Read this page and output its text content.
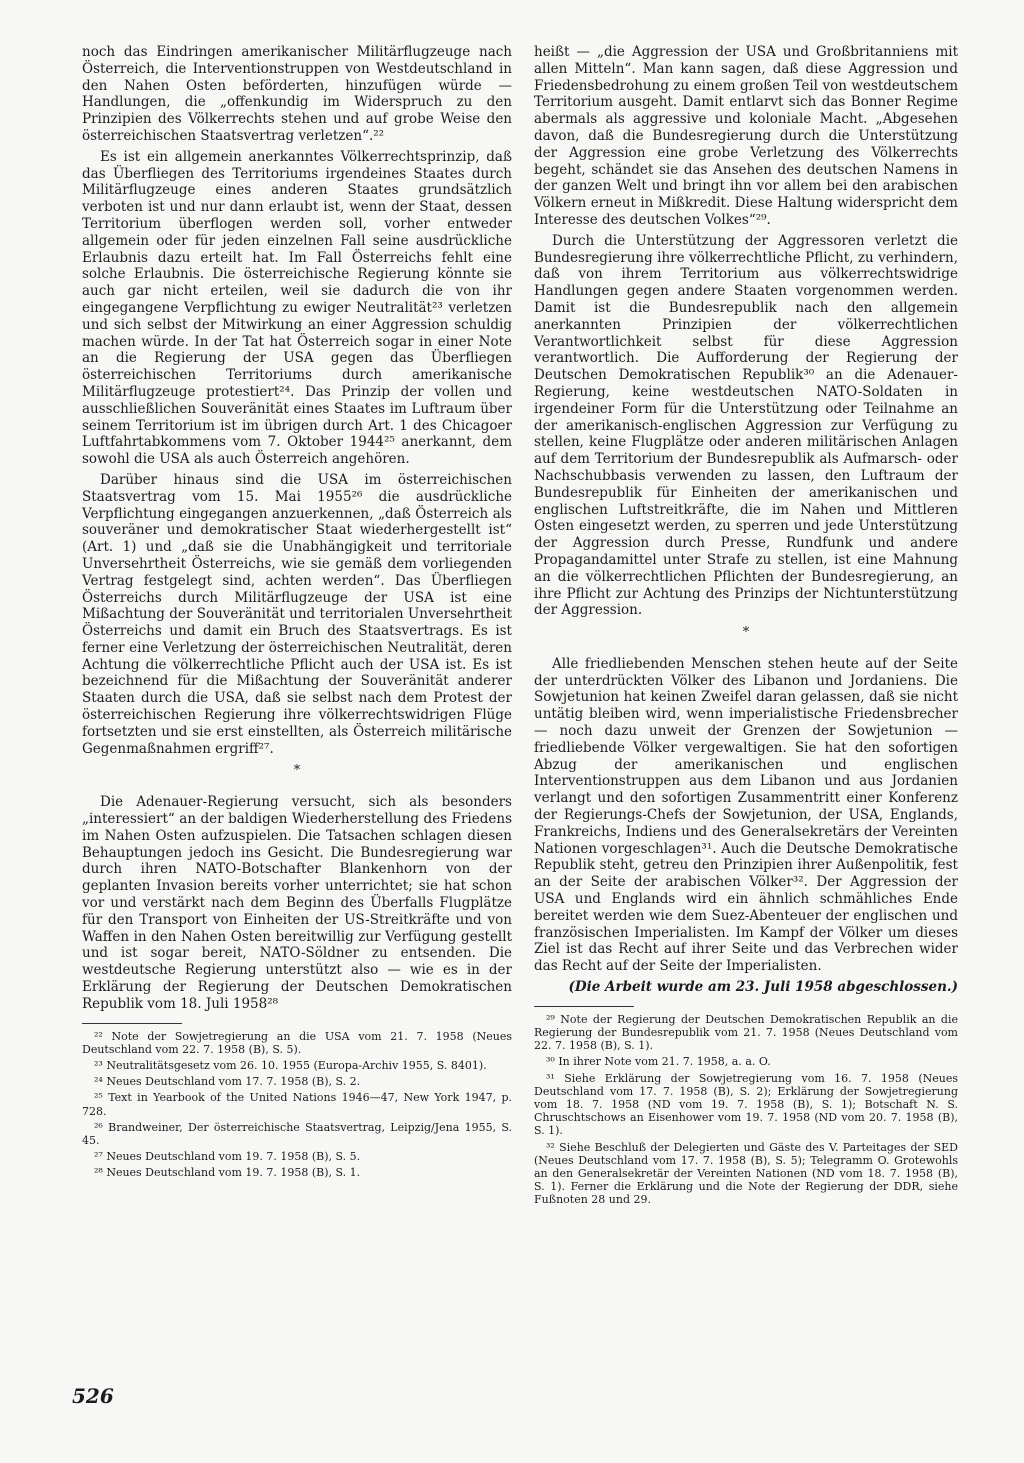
noch das Eindringen amerikanischer Militärflugzeuge nach Österreich, die Interventionstruppen von Westdeutschland in den Nahen Osten beförderten, hinzufügen würde — Handlungen, die „offenkundig im Widerspruch zu den Prinzipien des Völkerrechts stehen und auf grobe Weise den österreichischen Staatsvertrag verletzen“.²²

Es ist ein allgemein anerkanntes Völkerrechtsprinzip, daß das Überfliegen des Territoriums irgendeines Staates durch Militärflugzeuge eines anderen Staates grundsätzlich verboten ist und nur dann erlaubt ist, wenn der Staat, dessen Territorium überflogen werden soll, vorher entweder allgemein oder für jeden einzelnen Fall seine ausdrückliche Erlaubnis dazu erteilt hat. Im Fall Österreichs fehlt eine solche Erlaubnis. Die österreichische Regierung könnte sie auch gar nicht erteilen, weil sie dadurch die von ihr eingegangene Verpflichtung zu ewiger Neutralität²³ verletzen und sich selbst der Mitwirkung an einer Aggression schuldig machen würde. In der Tat hat Österreich sogar in einer Note an die Regierung der USA gegen das Überfliegen österreichischen Territoriums durch amerikanische Militärflugzeuge protestiert²⁴. Das Prinzip der vollen und ausschließlichen Souveränität eines Staates im Luftraum über seinem Territorium ist im übrigen durch Art. 1 des Chicagoer Luftfahrtabkommens vom 7. Oktober 1944²⁵ anerkannt, dem sowohl die USA als auch Österreich angehören.

Darüber hinaus sind die USA im österreichischen Staatsvertrag vom 15. Mai 1955²⁶ die ausdrückliche Verpflichtung eingegangen anzuerkennen, „daß Österreich als souveräner und demokratischer Staat wiederhergestellt ist“ (Art. 1) und „daß sie die Unabhängigkeit und territoriale Unversehrtheit Österreichs, wie sie gemäß dem vorliegenden Vertrag festgelegt sind, achten werden“. Das Überfliegen Österreichs durch Militärflugzeuge der USA ist eine Mißachtung der Souveränität und territorialen Unversehrtheit Österreichs und damit ein Bruch des Staatsvertrags. Es ist ferner eine Verletzung der österreichischen Neutralität, deren Achtung die völkerrechtliche Pflicht auch der USA ist. Es ist bezeichnend für die Mißachtung der Souveränität anderer Staaten durch die USA, daß sie selbst nach dem Protest der österreichischen Regierung ihre völkerrechtswidrigen Flüge fortsetzten und sie erst einstellten, als Österreich militärische Gegenmaßnahmen ergriff²⁷.

*

Die Adenauer-Regierung versucht, sich als besonders „interessiert“ an der baldigen Wiederherstellung des Friedens im Nahen Osten aufzuspielen. Die Tatsachen schlagen diesen Behauptungen jedoch ins Gesicht. Die Bundesregierung war durch ihren NATO-Botschafter Blankenhorn von der geplanten Invasion bereits vorher unterrichtet; sie hat schon vor und verstärkt nach dem Beginn des Überfalls Flugplätze für den Transport von Einheiten der US-Streitkräfte und von Waffen in den Nahen Osten bereitwillig zur Verfügung gestellt und ist sogar bereit, NATO-Söldner zu entsenden. Die westdeutsche Regierung unterstützt also — wie es in der Erklärung der Regierung der Deutschen Demokratischen Republik vom 18. Juli 1958²⁸

²² Note der Sowjetregierung an die USA vom 21. 7. 1958 (Neues Deutschland vom 22. 7. 1958 (B), S. 5).

²³ Neutralitätsgesetz vom 26. 10. 1955 (Europa-Archiv 1955, S. 8401).

²⁴ Neues Deutschland vom 17. 7. 1958 (B), S. 2.

²⁵ Text in Yearbook of the United Nations 1946—47, New York 1947, p. 728.

²⁶ Brandweiner, Der österreichische Staatsvertrag, Leipzig/Jena 1955, S. 45.

²⁷ Neues Deutschland vom 19. 7. 1958 (B), S. 5.

²⁸ Neues Deutschland vom 19. 7. 1958 (B), S. 1.

heißt — „die Aggression der USA und Großbritanniens mit allen Mitteln“. Man kann sagen, daß diese Aggression und Friedensbedrohung zu einem großen Teil von westdeutschem Territorium ausgeht. Damit entlarvt sich das Bonner Regime abermals als aggressive und koloniale Macht. „Abgesehen davon, daß die Bundesregierung durch die Unterstützung der Aggression eine grobe Verletzung des Völkerrechts begeht, schändet sie das Ansehen des deutschen Namens in der ganzen Welt und bringt ihn vor allem bei den arabischen Völkern erneut in Mißkredit. Diese Haltung widerspricht dem Interesse des deutschen Volkes“²⁹.

Durch die Unterstützung der Aggressoren verletzt die Bundesregierung ihre völkerrechtliche Pflicht, zu verhindern, daß von ihrem Territorium aus völkerrechtswidrige Handlungen gegen andere Staaten vorgenommen werden. Damit ist die Bundesrepublik nach den allgemein anerkannten Prinzipien der völkerrechtlichen Verantwortlichkeit selbst für diese Aggression verantwortlich. Die Aufforderung der Regierung der Deutschen Demokratischen Republik³⁰ an die Adenauer-Regierung, keine westdeutschen NATO-Soldaten in irgendeiner Form für die Unterstützung oder Teilnahme an der amerikanisch-englischen Aggression zur Verfügung zu stellen, keine Flugplätze oder anderen militärischen Anlagen auf dem Territorium der Bundesrepublik als Aufmarsch- oder Nachschubbasis verwenden zu lassen, den Luftraum der Bundesrepublik für Einheiten der amerikanischen und englischen Luftstreitkräfte, die im Nahen und Mittleren Osten eingesetzt werden, zu sperren und jede Unterstützung der Aggression durch Presse, Rundfunk und andere Propagandamittel unter Strafe zu stellen, ist eine Mahnung an die völkerrechtlichen Pflichten der Bundesregierung, an ihre Pflicht zur Achtung des Prinzips der Nichtunterstützung der Aggression.

*

Alle friedliebenden Menschen stehen heute auf der Seite der unterdrückten Völker des Libanon und Jordaniens. Die Sowjetunion hat keinen Zweifel daran gelassen, daß sie nicht untätig bleiben wird, wenn imperialistische Friedensbrecher — noch dazu unweit der Grenzen der Sowjetunion — friedliebende Völker vergewaltigen. Sie hat den sofortigen Abzug der amerikanischen und englischen Interventionstruppen aus dem Libanon und aus Jordanien verlangt und den sofortigen Zusammentritt einer Konferenz der Regierungs-Chefs der Sowjetunion, der USA, Englands, Frankreichs, Indiens und des Generalsekretärs der Vereinten Nationen vorgeschlagen³¹. Auch die Deutsche Demokratische Republik steht, getreu den Prinzipien ihrer Außenpolitik, fest an der Seite der arabischen Völker³². Der Aggression der USA und Englands wird ein ähnlich schmähliches Ende bereitet werden wie dem Suez-Abenteuer der englischen und französischen Imperialisten. Im Kampf der Völker um dieses Ziel ist das Recht auf ihrer Seite und das Verbrechen wider das Recht auf der Seite der Imperialisten.

(Die Arbeit wurde am 23. Juli 1958 abgeschlossen.)

²⁹ Note der Regierung der Deutschen Demokratischen Republik an die Regierung der Bundesrepublik vom 21. 7. 1958 (Neues Deutschland vom 22. 7. 1958 (B), S. 1).

³⁰ In ihrer Note vom 21. 7. 1958, a. a. O.

³¹ Siehe Erklärung der Sowjetregierung vom 16. 7. 1958 (Neues Deutschland vom 17. 7. 1958 (B), S. 2); Erklärung der Sowjetregierung vom 18. 7. 1958 (ND vom 19. 7. 1958 (B), S. 1); Botschaft N. S. Chruschtschows an Eisenhower vom 19. 7. 1958 (ND vom 20. 7. 1958 (B), S. 1).

³² Siehe Beschluß der Delegierten und Gäste des V. Parteitages der SED (Neues Deutschland vom 17. 7. 1958 (B), S. 5); Telegramm O. Grotewohls an den Generalsekretär der Vereinten Nationen (ND vom 18. 7. 1958 (B), S. 1). Ferner die Erklärung und die Note der Regierung der DDR, siehe Fußnoten 28 und 29.

526
